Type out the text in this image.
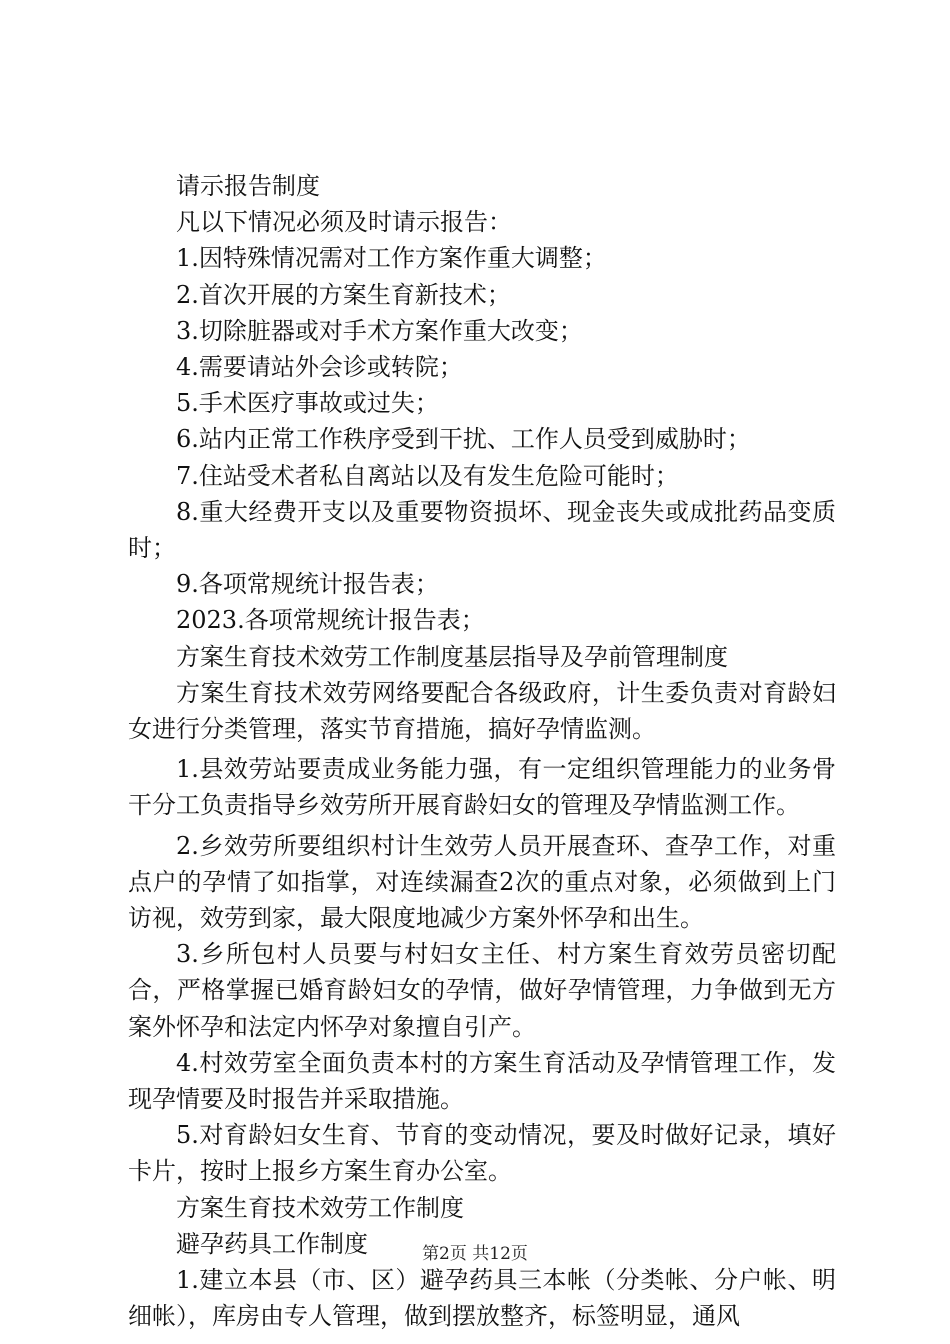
请示报告制度

凡以下情况必须及时请示报告：

1.因特殊情况需对工作方案作重大调整；

2.首次开展的方案生育新技术；

3.切除脏器或对手术方案作重大改变；

4.需要请站外会诊或转院；

5.手术医疗事故或过失；

6.站内正常工作秩序受到干扰、工作人员受到威胁时；

7.住站受术者私自离站以及有发生危险可能时；

8.重大经费开支以及重要物资损坏、现金丧失或成批药品变质时；

9.各项常规统计报告表；

2023.各项常规统计报告表；

方案生育技术效劳工作制度基层指导及孕前管理制度

方案生育技术效劳网络要配合各级政府，计生委负责对育龄妇女进行分类管理，落实节育措施，搞好孕情监测。

1.县效劳站要责成业务能力强，有一定组织管理能力的业务骨干分工负责指导乡效劳所开展育龄妇女的管理及孕情监测工作。

2.乡效劳所要组织村计生效劳人员开展查环、查孕工作，对重点户的孕情了如指掌，对连续漏查2次的重点对象，必须做到上门访视，效劳到家，最大限度地减少方案外怀孕和出生。

3.乡所包村人员要与村妇女主任、村方案生育效劳员密切配合，严格掌握已婚育龄妇女的孕情，做好孕情管理，力争做到无方案外怀孕和法定内怀孕对象擅自引产。

4.村效劳室全面负责本村的方案生育活动及孕情管理工作，发现孕情要及时报告并采取措施。

5.对育龄妇女生育、节育的变动情况，要及时做好记录，填好卡片，按时上报乡方案生育办公室。

方案生育技术效劳工作制度

避孕药具工作制度

1.建立本县（市、区）避孕药具三本帐（分类帐、分户帐、明细帐），库房由专人管理，做到摆放整齐，标签明显，通风

第2页 共12页
